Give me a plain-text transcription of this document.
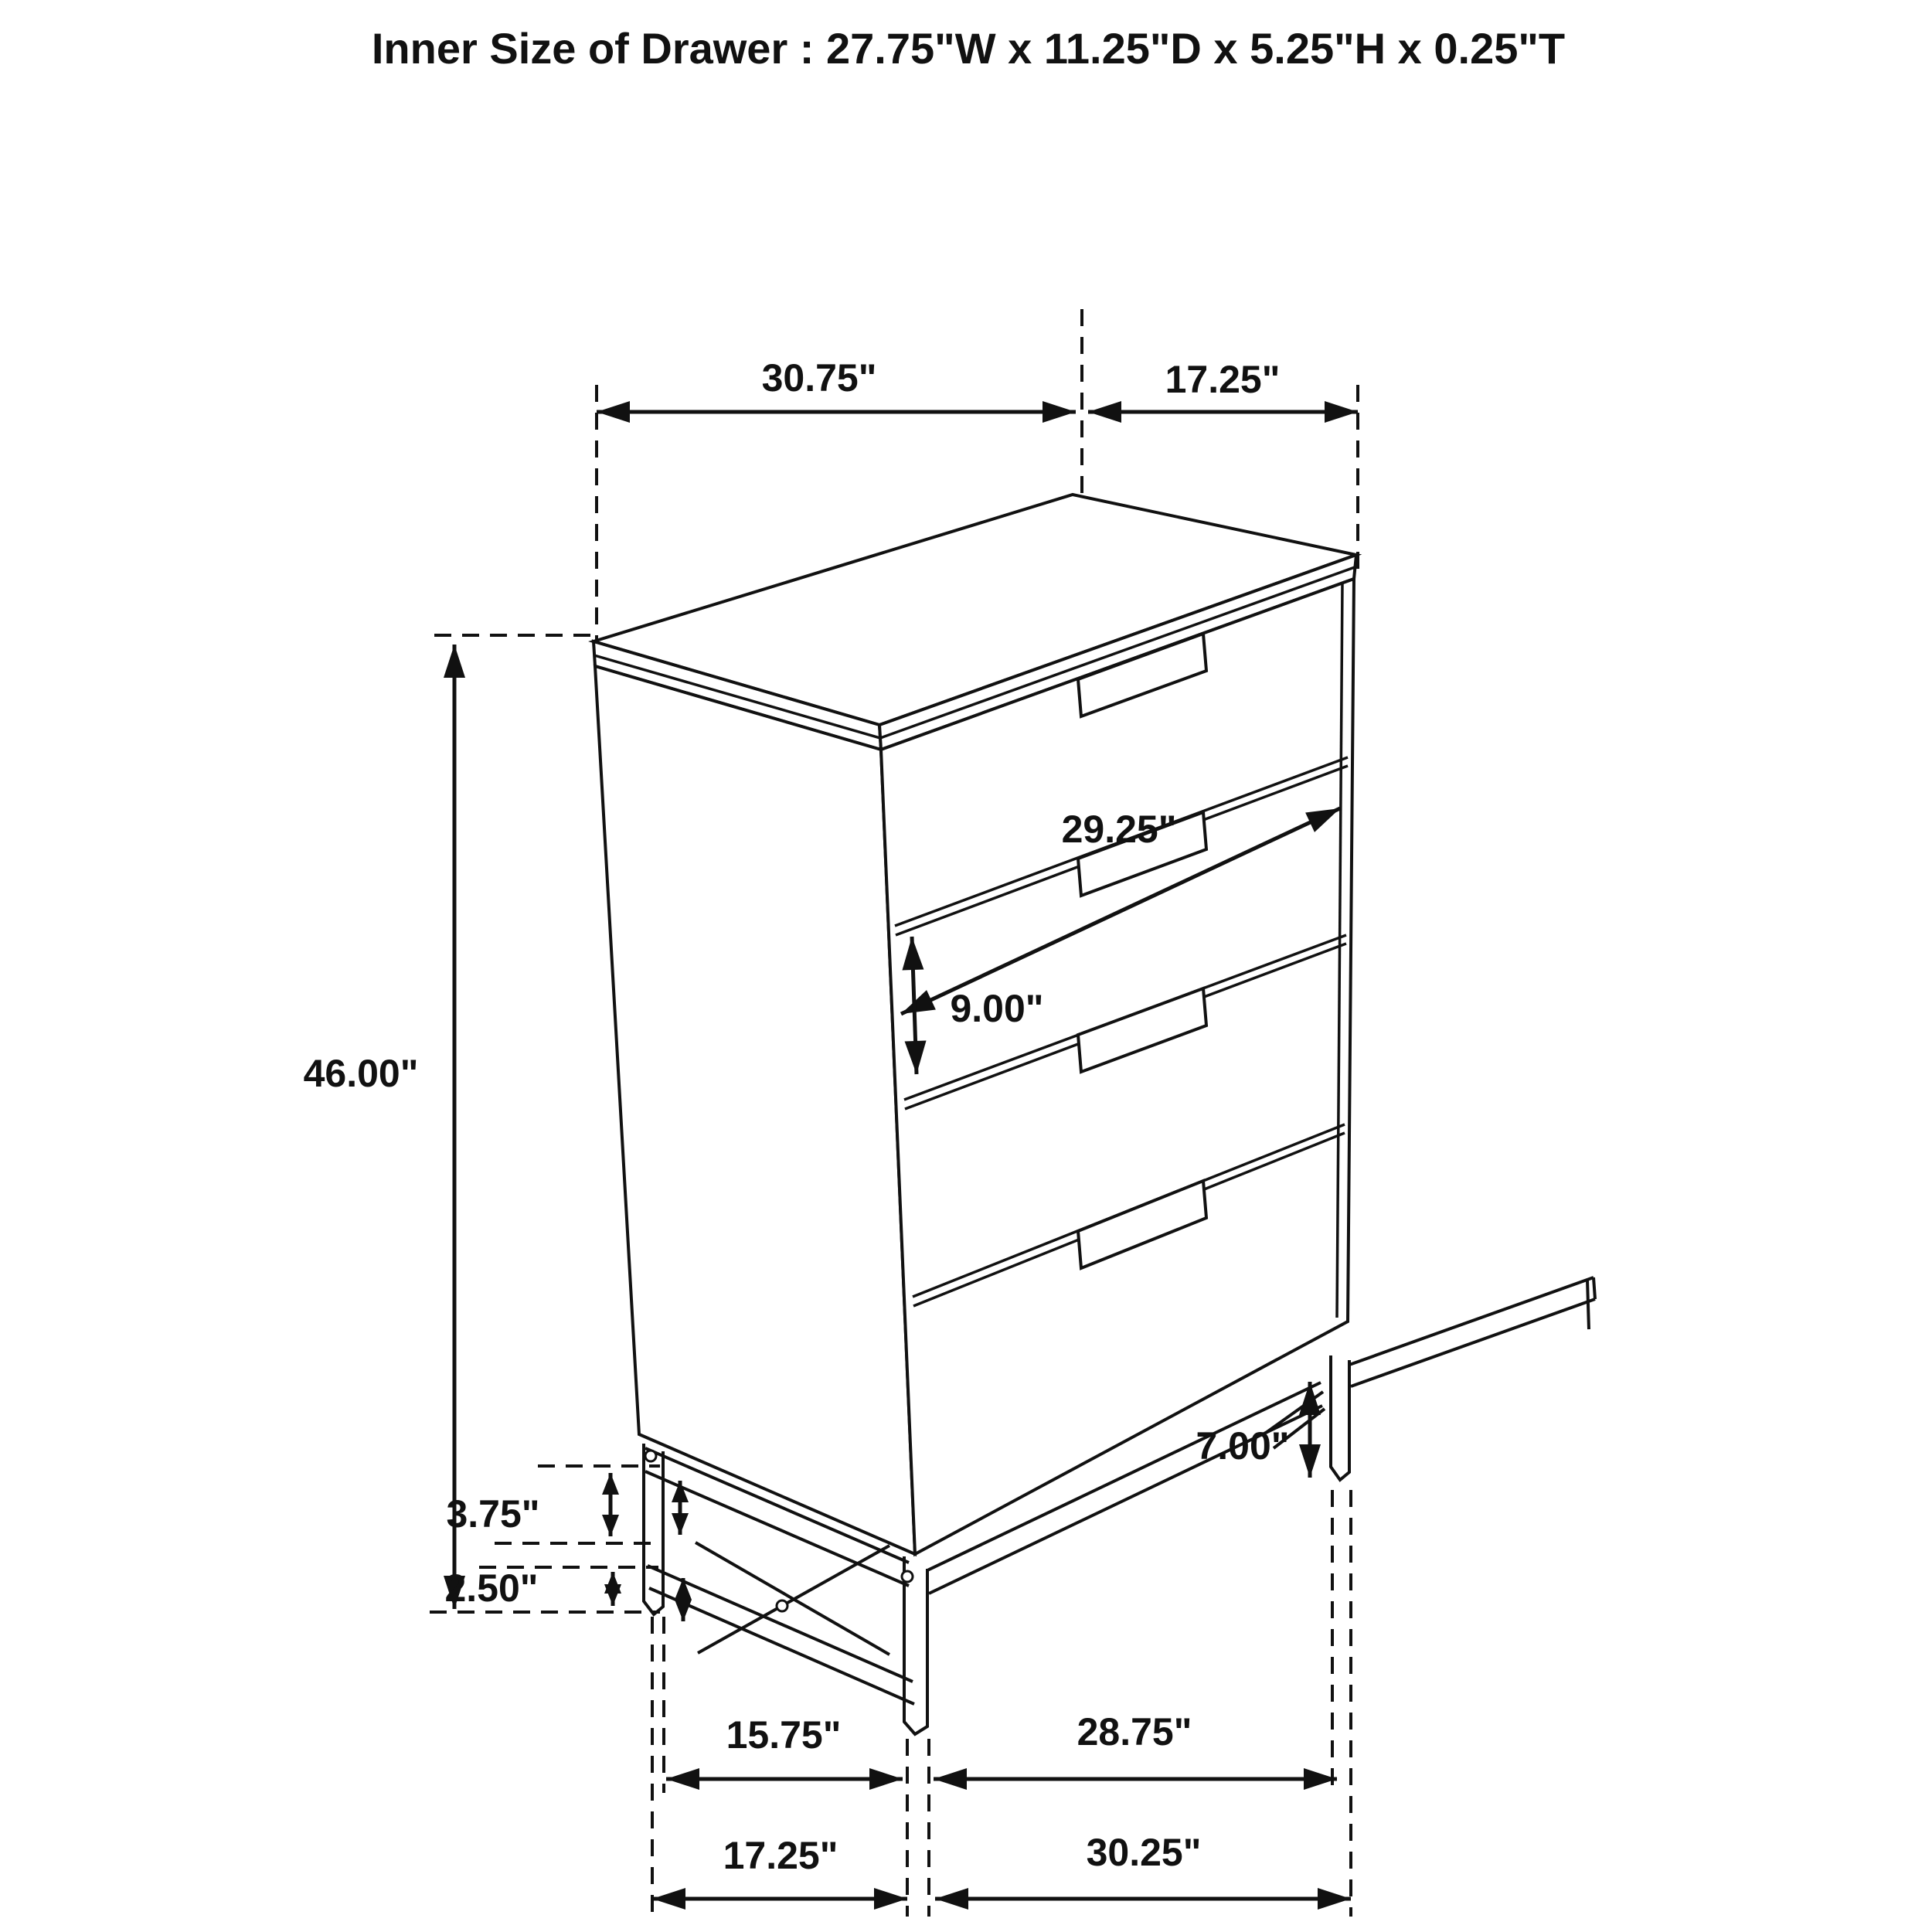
Inner Size of Drawer : 27.75"W x 11.25"D x 5.25"H x 0.25"T
30.75"	17.25"
46.00"
29.25"
9.00"
3.75"
2.50"
7.00"
15.75"	28.75"
17.25"	30.25"
